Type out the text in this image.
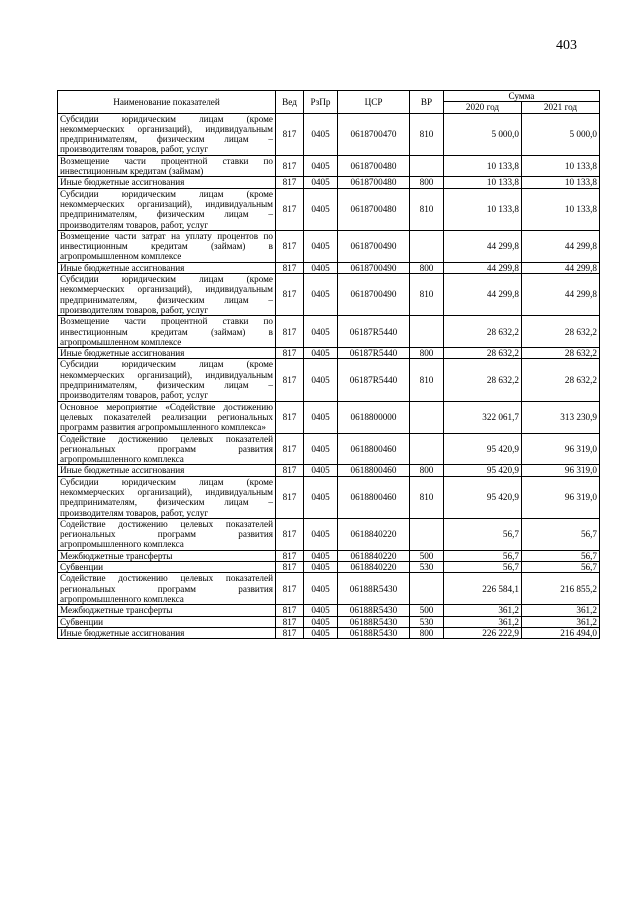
403
Наименование показателей	Вед	РзПр	ЦСР	ВР	Сумма	
					2020 год	2021 год
Субсидии юридическим лицам (кроме некоммерческих организаций), индивидуальным предпринимателям, физическим лицам – производителям товаров, работ, услуг	817	0405	0618700470	810	5 000,0	5 000,0
Возмещение части процентной ставки по инвестиционным кредитам (займам)	817	0405	0618700480		10 133,8	10 133,8
Иные бюджетные ассигнования	817	0405	0618700480	800	10 133,8	10 133,8
Субсидии юридическим лицам (кроме некоммерческих организаций), индивидуальным предпринимателям, физическим лицам – производителям товаров, работ, услуг	817	0405	0618700480	810	10 133,8	10 133,8
Возмещение части затрат на уплату процентов по инвестиционным кредитам (займам) в агропромышленном комплексе	817	0405	0618700490		44 299,8	44 299,8
Иные бюджетные ассигнования	817	0405	0618700490	800	44 299,8	44 299,8
Субсидии юридическим лицам (кроме некоммерческих организаций), индивидуальным предпринимателям, физическим лицам – производителям товаров, работ, услуг	817	0405	0618700490	810	44 299,8	44 299,8
Возмещение части процентной ставки по инвестиционным кредитам (займам) в агропромышленном комплексе	817	0405	06187R5440		28 632,2	28 632,2
Иные бюджетные ассигнования	817	0405	06187R5440	800	28 632,2	28 632,2
Субсидии юридическим лицам (кроме некоммерческих организаций), индивидуальным предпринимателям, физическим лицам – производителям товаров, работ, услуг	817	0405	06187R5440	810	28 632,2	28 632,2
Основное мероприятие «Содействие достижению целевых показателей реализации региональных программ развития агропромышленного комплекса»	817	0405	0618800000		322 061,7	313 230,9
Содействие достижению целевых показателей региональных программ развития агропромышленного комплекса	817	0405	0618800460		95 420,9	96 319,0
Иные бюджетные ассигнования	817	0405	0618800460	800	95 420,9	96 319,0
Субсидии юридическим лицам (кроме некоммерческих организаций), индивидуальным предпринимателям, физическим лицам – производителям товаров, работ, услуг	817	0405	0618800460	810	95 420,9	96 319,0
Содействие достижению целевых показателей региональных программ развития агропромышленного комплекса	817	0405	0618840220		56,7	56,7
Межбюджетные трансферты	817	0405	0618840220	500	56,7	56,7
Субвенции	817	0405	0618840220	530	56,7	56,7
Содействие достижению целевых показателей региональных программ развития агропромышленного комплекса	817	0405	06188R5430		226 584,1	216 855,2
Межбюджетные трансферты	817	0405	06188R5430	500	361,2	361,2
Субвенции	817	0405	06188R5430	530	361,2	361,2
Иные бюджетные ассигнования	817	0405	06188R5430	800	226 222,9	216 494,0
